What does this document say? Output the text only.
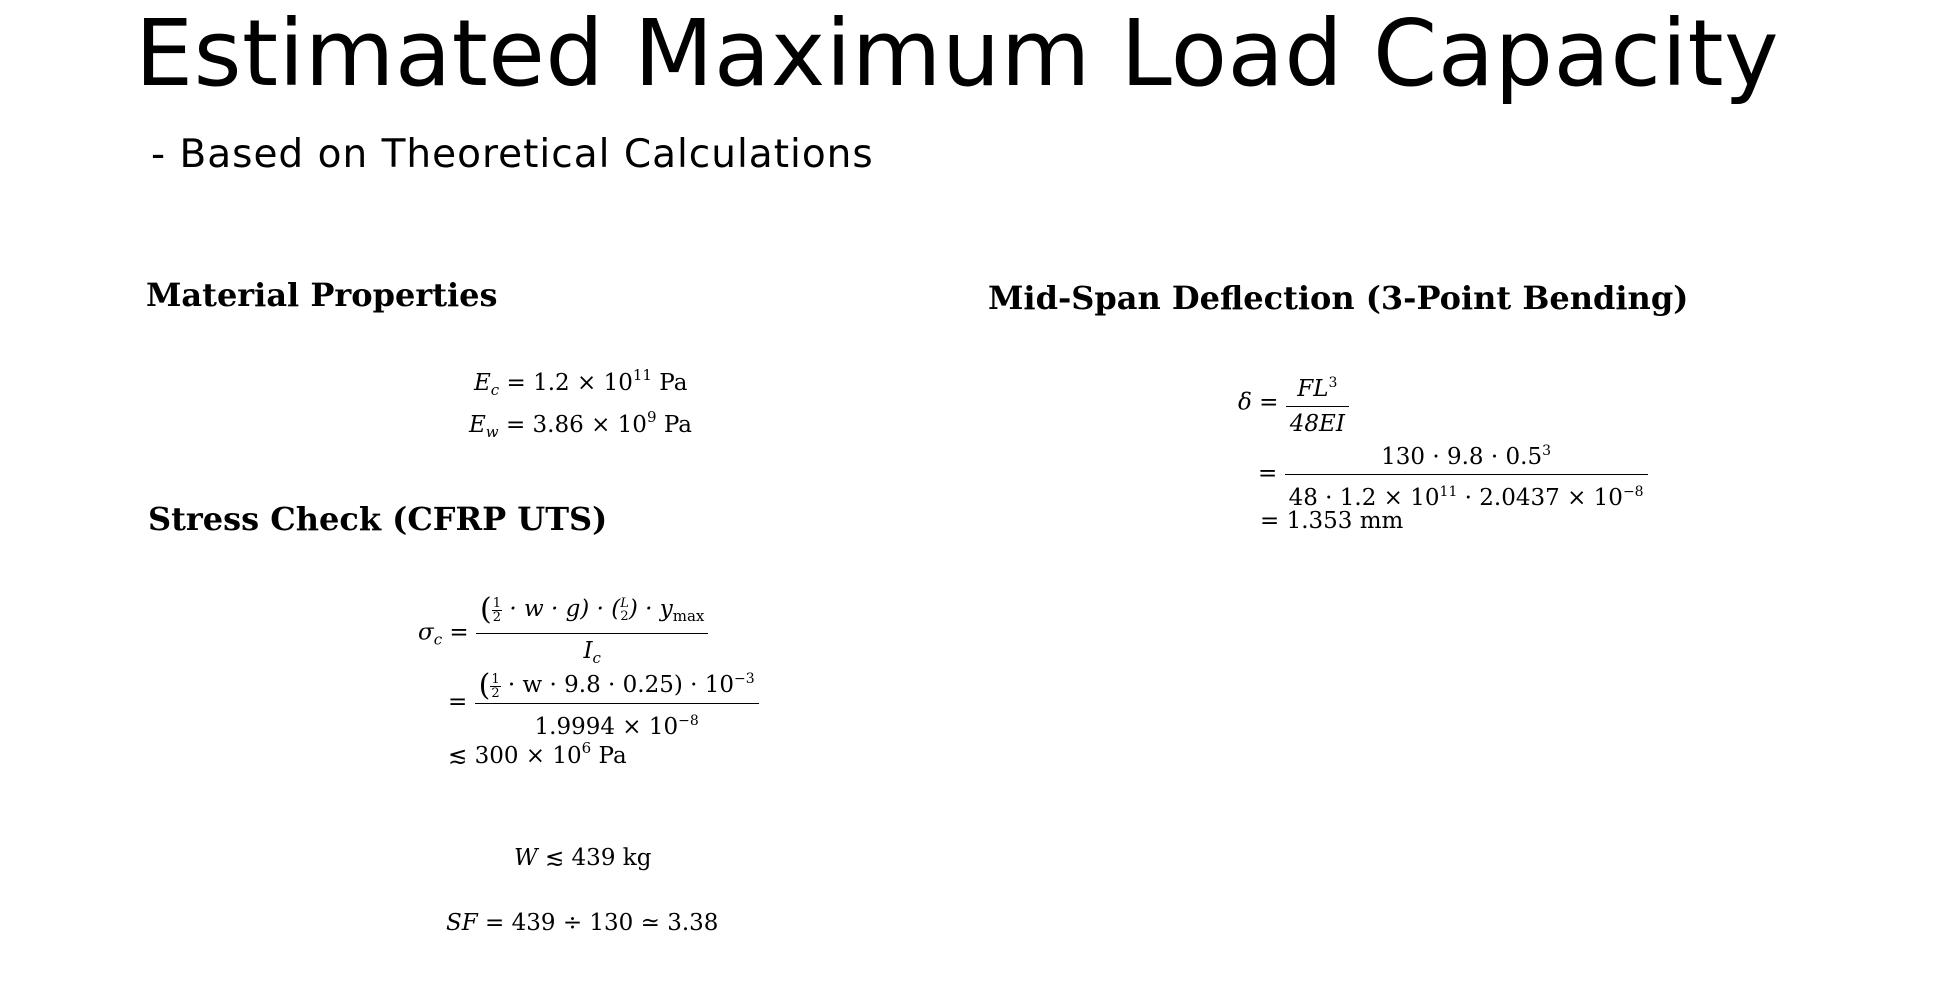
Estimated Maximum Load Capacity
- Based on Theoretical Calculations
Material Properties
$E_c = 1.2 \times 10^{11}$ Pa
$E_w = 3.86 \times 10^9$ Pa
Stress Check (CFRP UTS)
$\sigma_c$ = ( $\frac{1}{2} \cdot w \cdot g) \cdot (L$
2 ) · $y_{max}$
$I_c$
= $\frac{( \frac{1}{2} \cdot w \cdot 9.8 \cdot 0.25) \cdot 10^{-3}}{1.9994 \times 10^{-8}}$
≲ $300 \times 10^6$ Pa
W ≲ 439 kg
SF = 439 ÷ 130 ≃ 3.38
Mid-Span Deflection (3-Point Bending)
$\delta = \frac{FL^3}{48EI}$
= $\frac{130 \cdot 9.8 \cdot 0.5^3}{48 \cdot 1.2 \times 10^{11} \cdot 2.0437 \times 10^{-8}}$
= 1.353 mm
